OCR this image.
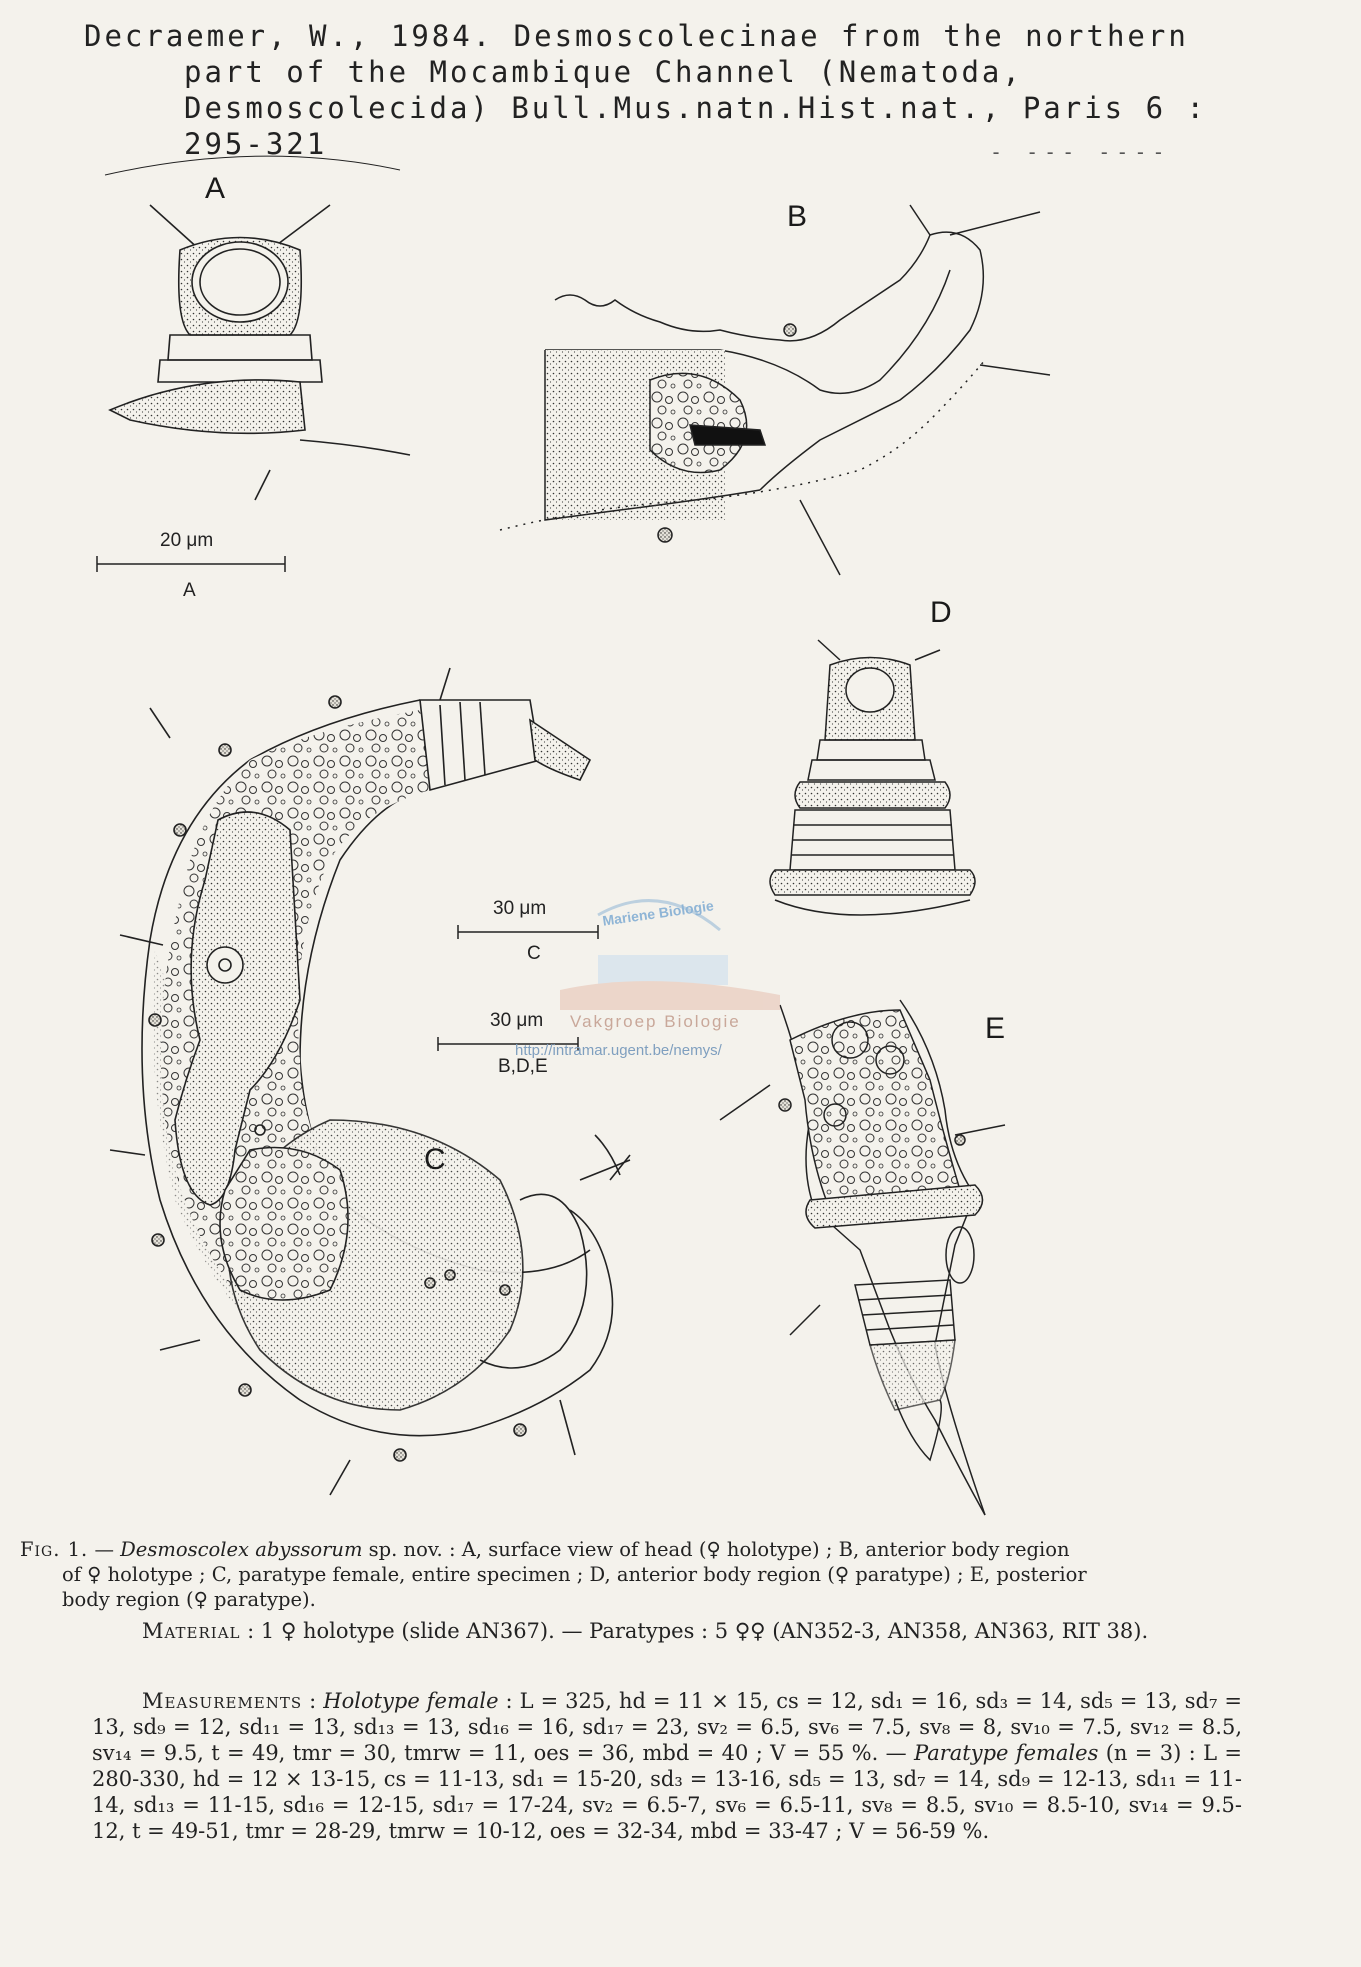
Decraemer, W., 1984. Desmoscolecinae from the northern
part of the Mocambique Channel (Nematoda,
Desmoscolecida) Bull.Mus.natn.Hist.nat., Paris 6 :
295-321	- --- ----
A
B
D
E
C
20 μm
A
30 μm
C
30 μm
B,D,E
Mariene Biologie
Vakgroep Biologie
http://intramar.ugent.be/nemys/
Fig. 1. — Desmoscolex abyssorum sp. nov. : A, surface view of head (♀ holotype) ; B, anterior body region
of ♀ holotype ; C, paratype female, entire specimen ; D, anterior body region (♀ paratype) ; E, posterior
body region (♀ paratype).
Material : 1 ♀ holotype (slide AN367). — Paratypes : 5 ♀♀ (AN352-3, AN358, AN363, RIT 38).
Measurements : Holotype female : L = 325, hd = 11 × 15, cs = 12, sd₁ = 16, sd₃ = 14, sd₅ = 13, sd₇ = 13, sd₉ = 12, sd₁₁ = 13, sd₁₃ = 13, sd₁₆ = 16, sd₁₇ = 23, sv₂ = 6.5, sv₆ = 7.5, sv₈ = 8, sv₁₀ = 7.5, sv₁₂ = 8.5, sv₁₄ = 9.5, t = 49, tmr = 30, tmrw = 11, oes = 36, mbd = 40 ; V = 55 %. — Paratype females (n = 3) : L = 280-330, hd = 12 × 13-15, cs = 11-13, sd₁ = 15-20, sd₃ = 13-16, sd₅ = 13, sd₇ = 14, sd₉ = 12-13, sd₁₁ = 11-14, sd₁₃ = 11-15, sd₁₆ = 12-15, sd₁₇ = 17-24, sv₂ = 6.5-7, sv₆ = 6.5-11, sv₈ = 8.5, sv₁₀ = 8.5-10, sv₁₄ = 9.5-12, t = 49-51, tmr = 28-29, tmrw = 10-12, oes = 32-34, mbd = 33-47 ; V = 56-59 %.
